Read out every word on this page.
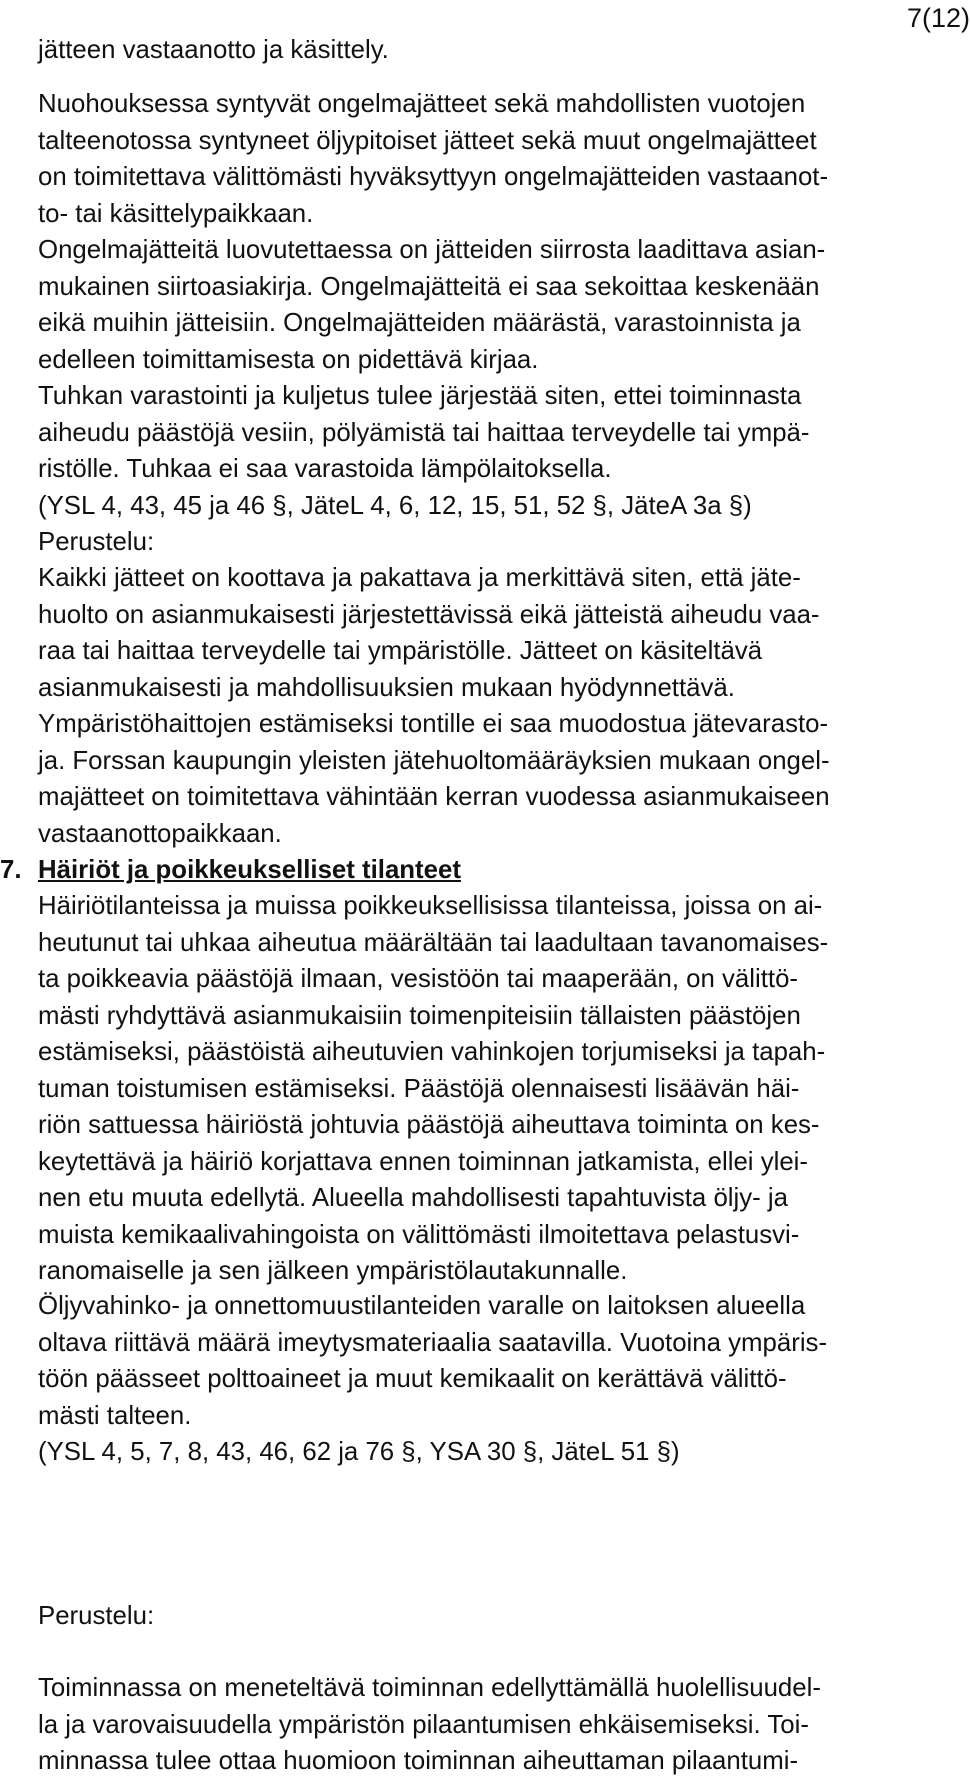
7(12)

jätteen vastaanotto ja käsittely.

Nuohouksessa syntyvät ongelmajätteet sekä mahdollisten vuotojen

talteenotossa syntyneet öljypitoiset jätteet sekä muut ongelmajätteet

on toimitettava välittömästi hyväksyttyyn ongelmajätteiden vastaanot-

to- tai käsittelypaikkaan.

Ongelmajätteitä luovutettaessa on jätteiden siirrosta laadittava asian-

mukainen siirtoasiakirja. Ongelmajätteitä ei saa sekoittaa keskenään

eikä muihin jätteisiin. Ongelmajätteiden määrästä, varastoinnista ja

edelleen toimittamisesta on pidettävä kirjaa.

Tuhkan varastointi ja kuljetus tulee järjestää siten, ettei toiminnasta

aiheudu päästöjä vesiin, pölyämistä tai haittaa terveydelle tai ympä-

ristölle. Tuhkaa ei saa varastoida lämpölaitoksella.

(YSL 4, 43, 45 ja 46 §, JäteL 4, 6, 12, 15, 51, 52 §, JäteA 3a §)

Perustelu:

Kaikki jätteet on koottava ja pakattava ja merkittävä siten, että jäte-

huolto on asianmukaisesti järjestettävissä eikä jätteistä aiheudu vaa-

raa tai haittaa terveydelle tai ympäristölle. Jätteet on käsiteltävä

asianmukaisesti ja mahdollisuuksien mukaan hyödynnettävä.

Ympäristöhaittojen estämiseksi tontille ei saa muodostua jätevarasto-

ja. Forssan kaupungin yleisten jätehuoltomääräyksien mukaan ongel-

majätteet on toimitettava vähintään kerran vuodessa asianmukaiseen

vastaanottopaikkaan.

7. Häiriöt ja poikkeukselliset tilanteet

Häiriötilanteissa ja muissa poikkeuksellisissa tilanteissa, joissa on ai-

heutunut tai uhkaa aiheutua määrältään tai laadultaan tavanomaises-

ta poikkeavia päästöjä ilmaan, vesistöön tai maaperään, on välittö-

mästi ryhdyttävä asianmukaisiin toimenpiteisiin tällaisten päästöjen

estämiseksi, päästöistä aiheutuvien vahinkojen torjumiseksi ja tapah-

tuman toistumisen estämiseksi. Päästöjä olennaisesti lisäävän häi-

riön sattuessa häiriöstä johtuvia päästöjä aiheuttava toiminta on kes-

keytettävä ja häiriö korjattava ennen toiminnan jatkamista, ellei ylei-

nen etu muuta edellytä. Alueella mahdollisesti tapahtuvista öljy- ja

muista kemikaalivahingoista on välittömästi ilmoitettava pelastusvi-

ranomaiselle ja sen jälkeen ympäristölautakunnalle.

Öljyvahinko- ja onnettomuustilanteiden varalle on laitoksen alueella

oltava riittävä määrä imeytysmateriaalia saatavilla. Vuotoina ympäris-

töön päässeet polttoaineet ja muut kemikaalit on kerättävä välittö-

mästi talteen.

(YSL 4, 5, 7, 8, 43, 46, 62 ja 76 §, YSA 30 §, JäteL 51 §)

Perustelu:

Toiminnassa on meneteltävä toiminnan edellyttämällä huolellisuudel-

la ja varovaisuudella ympäristön pilaantumisen ehkäisemiseksi. Toi-

minnassa tulee ottaa huomioon toiminnan aiheuttaman pilaantumi-
